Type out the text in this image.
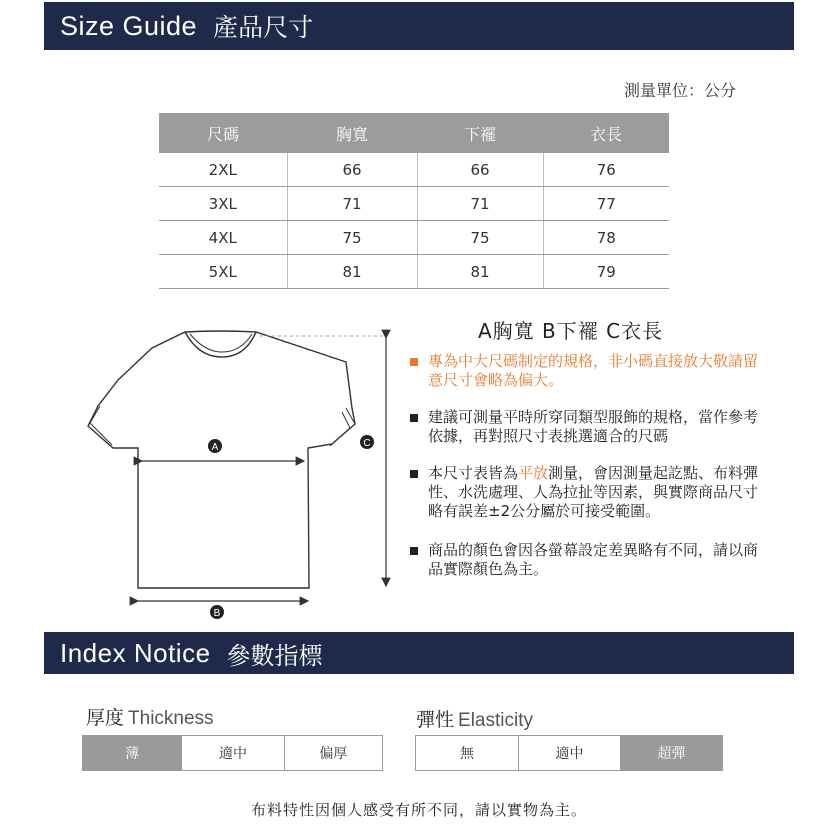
Size Guide 產品尺寸
測量單位：公分
尺碼	胸寬	下襬	衣長
2XL	66	66	76
3XL	71	71	77
4XL	75	75	78
5XL	81	81	79
A
B
C
A胸寬 B下襬 C衣長
專為中大尺碼制定的規格，非小碼直接放大敬請留意尺寸會略為偏大。
建議可測量平時所穿同類型服飾的規格，當作參考依據，再對照尺寸表挑選適合的尺碼
本尺寸表皆為平放測量，會因測量起訖點、布料彈性、水洗處理、人為拉扯等因素，與實際商品尺寸略有誤差±2公分屬於可接受範圍。
商品的顏色會因各螢幕設定差異略有不同，請以商品實際顏色為主。
Index Notice 參數指標
厚度 Thickness
薄	適中	偏厚
彈性 Elasticity
無	適中	超彈
布料特性因個人感受有所不同，請以實物為主。
